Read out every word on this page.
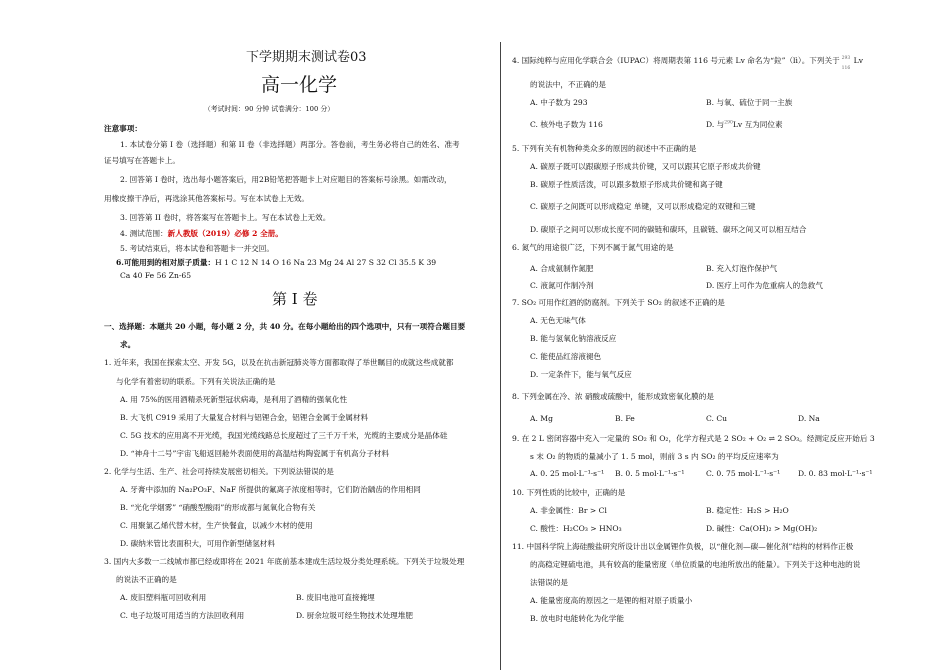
下学期期末测试卷03
高一化学
（考试时间：90 分钟 试卷满分：100 分）
注意事项：
1. 本试卷分第 I 卷（选择题）和第 II 卷（非选择题）两部分。答卷前，考生务必将自己的姓名、准考
证号填写在答题卡上。
2. 回答第 I 卷时，选出每小题答案后，用2B铅笔把答题卡上对应题目的答案标号涂黑。如需改动，
用橡皮擦干净后，再选涂其他答案标号。写在本试卷上无效。
3. 回答第 II 卷时，将答案写在答题卡上。写在本试卷上无效。
4. 测试范围：新人教版（2019）必修 2 全册。
5. 考试结束后，将本试卷和答题卡一并交回。
6.可能用到的相对原子质量：H 1 C 12 N 14 O 16 Na 23 Mg 24 Al 27 S 32 Cl 35.5 K 39
Ca 40 Fe 56 Zn-65
第 I 卷
一、选择题：本题共 20 小题，每小题 2 分，共 40 分。在每小题给出的四个选项中，只有一项符合题目要
求。
1. 近年来，我国在探索太空、开发 5G，以及在抗击新冠肺炎等方面都取得了举世瞩目的成就这些成就都
与化学有着密切的联系。下列有关说法正确的是
A. 用 75%的医用酒精杀死新型冠状病毒，是利用了酒精的强氧化性
B. 大飞机 C919 采用了大量复合材料与铝锂合金，铝锂合金属于金属材料
C. 5G 技术的应用离不开光缆，我国光缆线路总长度超过了三千万千米，光缆的主要成分是晶体硅
D. “神舟十二号”宇宙飞船返回舱外表面使用的高温结构陶瓷属于有机高分子材料
2. 化学与生活、生产、社会可持续发展密切相关。下列说法错误的是
A. 牙膏中添加的 Na₂PO₃F、NaF 所提供的氟离子浓度相等时，它们防治龋齿的作用相同
B. “光化学烟雾” “硝酸型酸雨”的形成都与氮氧化合物有关
C. 用聚氯乙烯代替木材，生产快餐盒，以减少木材的使用
D. 碳纳米管比表面积大，可用作新型储氢材料
3. 国内大多数一二线城市都已经或即将在 2021 年底前基本建成生活垃圾分类处理系统。下列关于垃圾处理
的说法不正确的是
A. 废旧塑料瓶可回收利用	B. 废旧电池可直接掩埋
C. 电子垃圾可用适当的方法回收利用	D. 厨余垃圾可经生物技术处理堆肥
4. 国际纯粹与应用化学联合会（IUPAC）将周期表第 116 号元素 Lv 命名为“鉝”（lì）。下列关于 293
116
Lv
的说法中，不正确的是
A. 中子数为 293	B. 与氧、硫位于同一主族
C. 核外电子数为 116	D. 与$^{290}$Lv 互为同位素
5. 下列有关有机物种类众多的原因的叙述中不正确的是
A. 碳原子既可以跟碳原子形成共价键，又可以跟其它原子形成共价键
B. 碳原子性质活泼，可以跟多数原子形成共价键和离子键
C. 碳原子之间既可以形成稳定 单键，又可以形成稳定的双键和三键
D. 碳原子之间可以形成长度不同的碳链和碳环，且碳链、碳环之间又可以相互结合
6. 氮气的用途很广泛，下列不属于氮气用途的是
A. 合成氨制作氮肥	B. 充入灯泡作保护气
C. 液氮可作制冷剂	D. 医疗上可作为危重病人的急救气
7. SO₂ 可用作红酒的防腐剂。下列关于 SO₂ 的叙述不正确的是
A. 无色无味气体
B. 能与氢氧化钠溶液反应
C. 能使品红溶液褪色
D. 一定条件下，能与氧气反应
8. 下列金属在冷、浓 硝酸或硫酸中，能形成致密氧化膜的是
A. Mg	B. Fe	C. Cu	D. Na
9. 在 2 L 密闭容器中充入一定量的 SO₂ 和 O₂，化学方程式是 2 SO₂ + O₂ ⇌ 2 SO₃。经测定反应开始后 3
s 末 O₂ 的物质的量减小了 1. 5 mol，则前 3 s 内 SO₂ 的平均反应速率为
A. 0. 25 mol·L⁻¹·s⁻¹ B. 0. 5 mol·L⁻¹·s⁻¹	C. 0. 75 mol·L⁻¹·s⁻¹ D. 0. 83 mol·L⁻¹·s⁻¹
10. 下列性质的比较中，正确的是
A. 非金属性：Br > Cl	B. 稳定性：H₂S > H₂O
C. 酸性：H₂CO₃ > HNO₃	D. 碱性：Ca(OH)₂ > Mg(OH)₂
11. 中国科学院上海硅酸盐研究所设计出以金属锂作负极，以“催化剂—碳—催化剂”结构的材料作正极
的高稳定锂硫电池，具有较高的能量密度（单位质量的电池所放出的能量）。下列关于这种电池的说
法错误的是
A. 能量密度高的原因之一是锂的相对原子质量小
B. 放电时电能转化为化学能
